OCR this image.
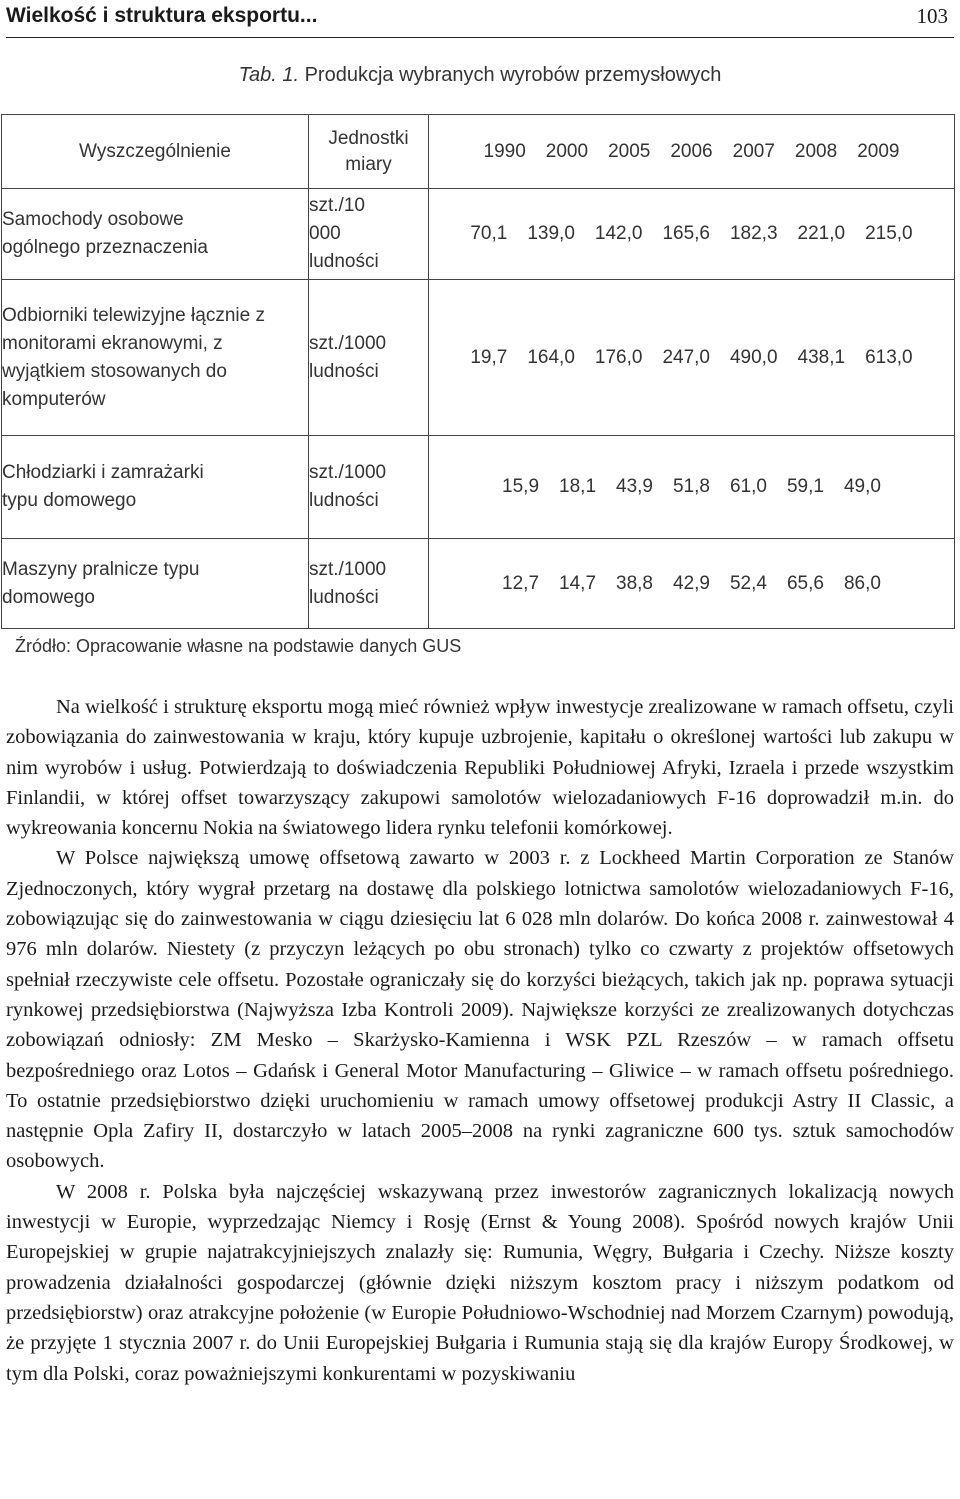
Wielkość i struktura eksportu...	103
Tab. 1. Produkcja wybranych wyrobów przemysłowych
Wyszczególnienie	Jednostki miary	1990 2000 2005 2006 2007 2008 2009
Samochody osobowe ogólnego przeznaczenia	szt./10 000 ludności	70,1 139,0 142,0 165,6 182,3 221,0 215,0
Odbiorniki telewizyjne łącznie z monitorami ekranowymi, z wyjątkiem stosowanych do komputerów	szt./1000 ludności	19,7 164,0 176,0 247,0 490,0 438,1 613,0
Chłodziarki i zamrażarki typu domowego	szt./1000 ludności	15,9 18,1 43,9 51,8 61,0 59,1 49,0
Maszyny pralnicze typu domowego	szt./1000 ludności	12,7 14,7 38,8 42,9 52,4 65,6 86,0
Źródło: Opracowanie własne na podstawie danych GUS

Na wielkość i strukturę eksportu mogą mieć również wpływ inwestycje zrealizowane w ramach offsetu, czyli zobowiązania do zainwestowania w kraju, który kupuje uzbrojenie, kapitału o określonej wartości lub zakupu w nim wyrobów i usług. Potwierdzają to doświadczenia Republiki Południowej Afryki, Izraela i przede wszystkim Finlandii, w której offset towarzyszący zakupowi samolotów wielozadaniowych F-16 doprowadził m.in. do wykreowania koncernu Nokia na światowego lidera rynku telefonii komórkowej.

W Polsce największą umowę offsetową zawarto w 2003 r. z Lockheed Martin Corporation ze Stanów Zjednoczonych, który wygrał przetarg na dostawę dla polskiego lotnictwa samolotów wielozadaniowych F-16, zobowiązując się do zainwestowania w ciągu dziesięciu lat 6 028 mln dolarów. Do końca 2008 r. zainwestował 4 976 mln dolarów. Niestety (z przyczyn leżących po obu stronach) tylko co czwarty z projektów offsetowych spełniał rzeczywiste cele offsetu. Pozostałe ograniczały się do korzyści bieżących, takich jak np. poprawa sytuacji rynkowej przedsiębiorstwa (Najwyższa Izba Kontroli 2009). Największe korzyści ze zrealizowanych dotychczas zobowiązań odniosły: ZM Mesko – Skarżysko-Kamienna i WSK PZL Rzeszów – w ramach offsetu bezpośredniego oraz Lotos – Gdańsk i General Motor Manufacturing – Gliwice – w ramach offsetu pośredniego. To ostatnie przedsiębiorstwo dzięki uruchomieniu w ramach umowy offsetowej produkcji Astry II Classic, a następnie Opla Zafiry II, dostarczyło w latach 2005–2008 na rynki zagraniczne 600 tys. sztuk samochodów osobowych.

W 2008 r. Polska była najczęściej wskazywaną przez inwestorów zagranicznych lokalizacją nowych inwestycji w Europie, wyprzedzając Niemcy i Rosję (Ernst & Young 2008). Spośród nowych krajów Unii Europejskiej w grupie najatrakcyjniejszych znalazły się: Rumunia, Węgry, Bułgaria i Czechy. Niższe koszty prowadzenia działalności gospodarczej (głównie dzięki niższym kosztom pracy i niższym podatkom od przedsiębiorstw) oraz atrakcyjne położenie (w Europie Południowo-Wschodniej nad Morzem Czarnym) powodują, że przyjęte 1 stycznia 2007 r. do Unii Europejskiej Bułgaria i Rumunia stają się dla krajów Europy Środkowej, w tym dla Polski, coraz poważniejszymi konkurentami w pozyskiwaniu
